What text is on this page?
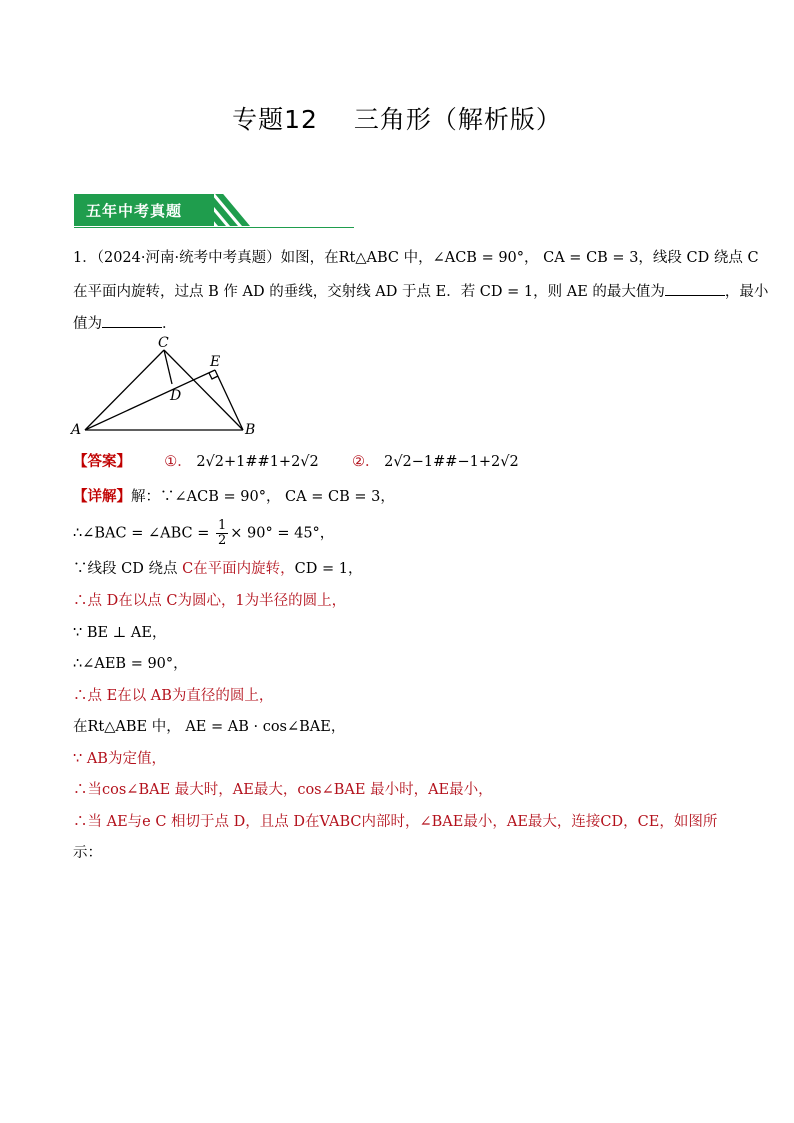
专题12 三角形（解析版）
五年中考真题
1．（2024·河南·统考中考真题）如图，在Rt△ABC 中，∠ACB = 90°， CA = CB = 3，线段 CD 绕点 C
在平面内旋转，过点 B 作 AD 的垂线，交射线 AD 于点 E．若 CD = 1，则 AE 的最大值为	，最小
值为	．
A	B
C
D
E
【答案】 ①． 2√2+1##1+2√2 ②． 2√2−1##−1+2√2
【详解】解：∵∠ACB = 90°， CA = CB = 3，
∴∠BAC = ∠ABC = $\frac{1}{2} \times 90^\circ = 45^\circ$，
∵线段 CD 绕点 C在平面内旋转，CD = 1，
∴点 D在以点 C为圆心，1为半径的圆上，
∵ BE ⊥ AE，
∴∠AEB = 90°，
∴点 E在以 AB为直径的圆上，
在Rt△ABE 中， AE = AB · cos∠BAE，
∵ AB为定值，
∴当cos∠BAE 最大时，AE最大，cos∠BAE 最小时，AE最小，
∴当 AE与e C 相切于点 D，且点 D在VABC内部时，∠BAE最小，AE最大，连接CD，CE，如图所
示：
